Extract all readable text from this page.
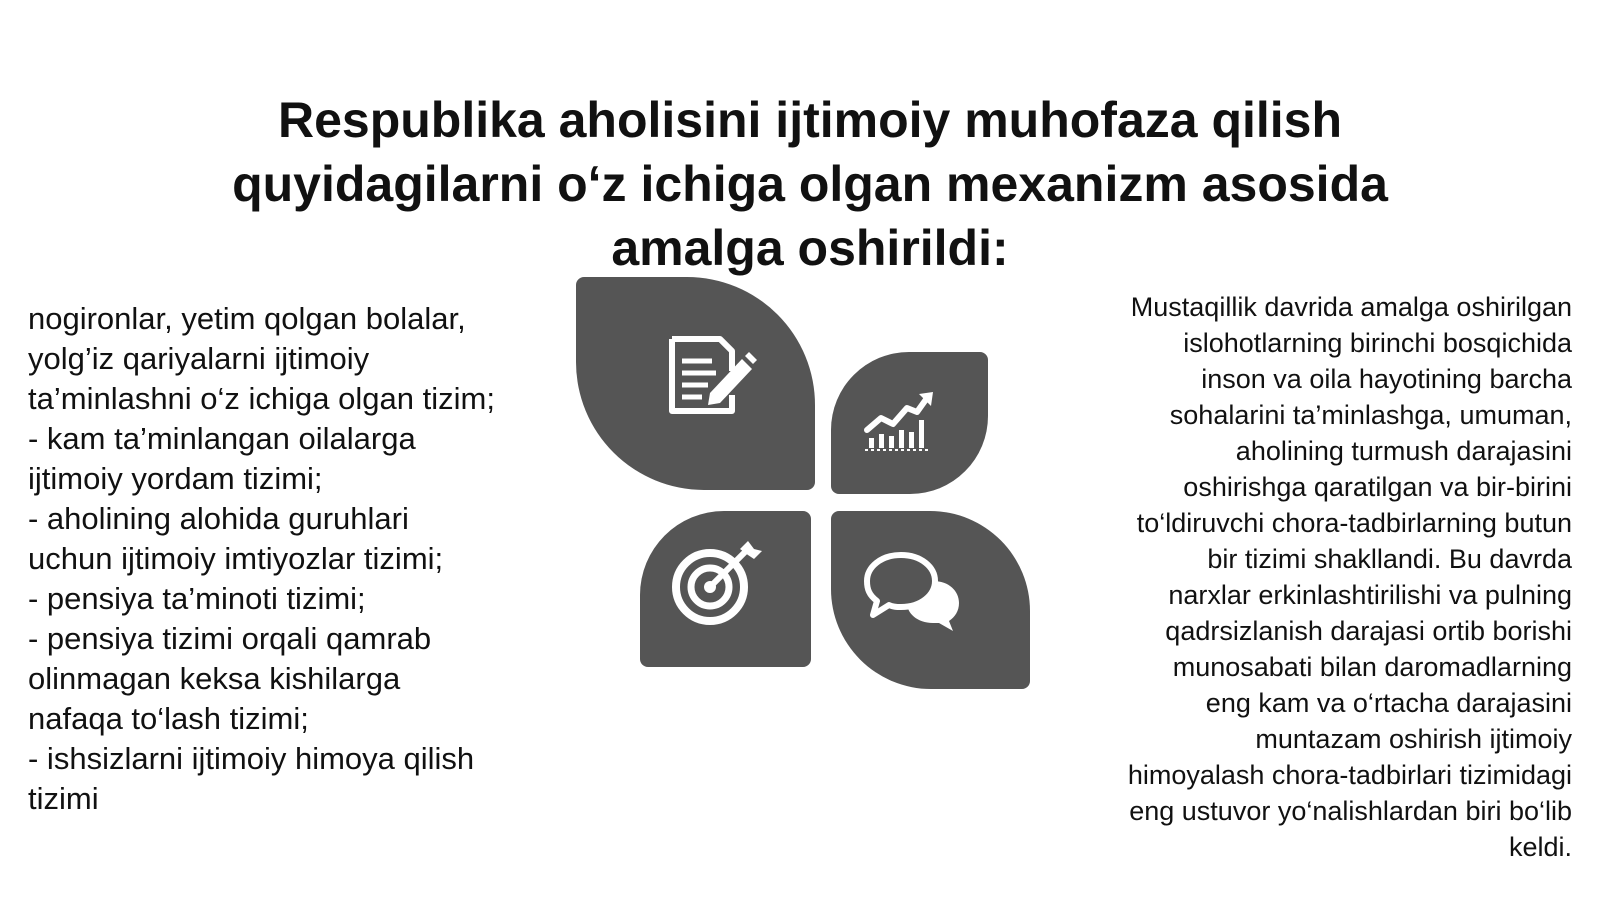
Respublika aholisini ijtimoiy muhofaza qilish
quyidagilarni o‘z ichiga olgan mexanizm asosida
amalga oshirildi:
nogironlar, yetim qolgan bolalar,
yolg’iz qariyalarni ijtimoiy
ta’minlashni o‘z ichiga olgan tizim;
- kam ta’minlangan oilalarga
ijtimoiy yordam tizimi;
- aholining alohida guruhlari
uchun ijtimoiy imtiyozlar tizimi;
- pensiya ta’minoti tizimi;
- pensiya tizimi orqali qamrab
olinmagan keksa kishilarga
nafaqa to‘lash tizimi;
- ishsizlarni ijtimoiy himoya qilish
tizimi
Mustaqillik davrida amalga oshirilgan
islohotlarning birinchi bosqichida
inson va oila hayotining barcha
sohalarini ta’minlashga, umuman,
aholining turmush darajasini
oshirishga qaratilgan va bir-birini
to‘ldiruvchi chora-tadbirlarning butun
bir tizimi shakllandi. Bu davrda
narxlar erkinlashtirilishi va pulning
qadrsizlanish darajasi ortib borishi
munosabati bilan daromadlarning
eng kam va o‘rtacha darajasini
muntazam oshirish ijtimoiy
himoyalash chora-tadbirlari tizimidagi
eng ustuvor yo‘nalishlardan biri bo‘lib
keldi.
